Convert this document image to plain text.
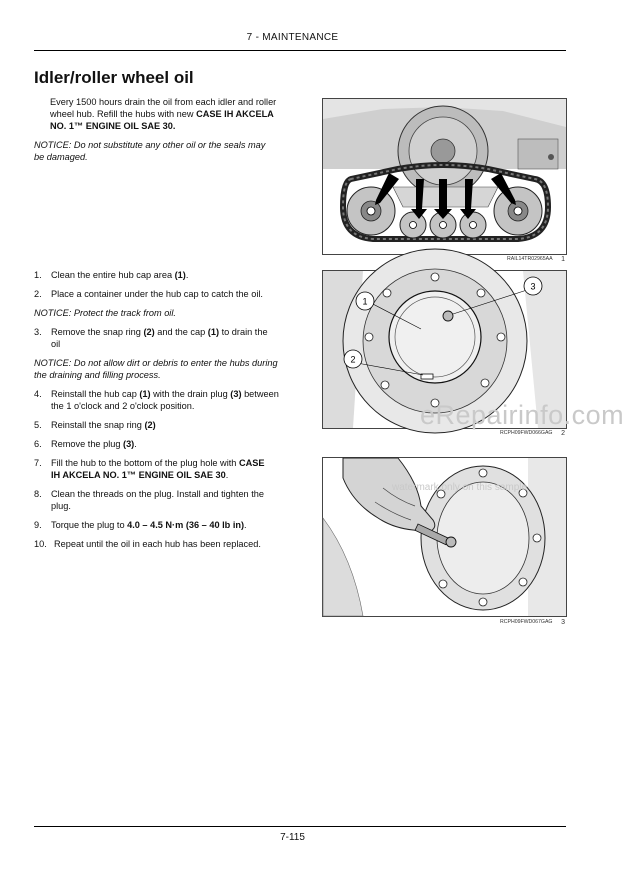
7 - MAINTENANCE
Idler/roller wheel oil
Every 1500 hours drain the oil from each idler and roller
wheel hub. Refill the hubs with new CASE IH AKCELA
NO. 1™ ENGINE OIL SAE 30.
NOTICE: Do not substitute any other oil or the seals may
be damaged.
1.	Clean the entire hub cap area (1).
2.	Place a container under the hub cap to catch the oil.
NOTICE: Protect the track from oil.
3.	Remove the snap ring (2) and the cap (1) to drain the
oil
NOTICE: Do not allow dirt or debris to enter the hubs during
the draining and filling process.
4.	Reinstall the hub cap (1) with the drain plug (3) between
the 1 o'clock and 2 o'clock position.
5.	Reinstall the snap ring (2)
6.	Remove the plug (3).
7.	Fill the hub to the bottom of the plug hole with CASE
IH AKCELA NO. 1™ ENGINE OIL SAE 30.
8.	Clean the threads on the plug. Install and tighten the
plug.
9.	Torque the plug to 4.0 – 4.5 N·m (36 – 40 lb in).
10. Repeat until the oil in each hub has been replaced.
RAIL14TR02965AA 1
1
2
3
RCPH09FWD066GAG 2
RCPH09FWD067GAG 3
eRepairinfo.com
watermark only on this sample
7-115
